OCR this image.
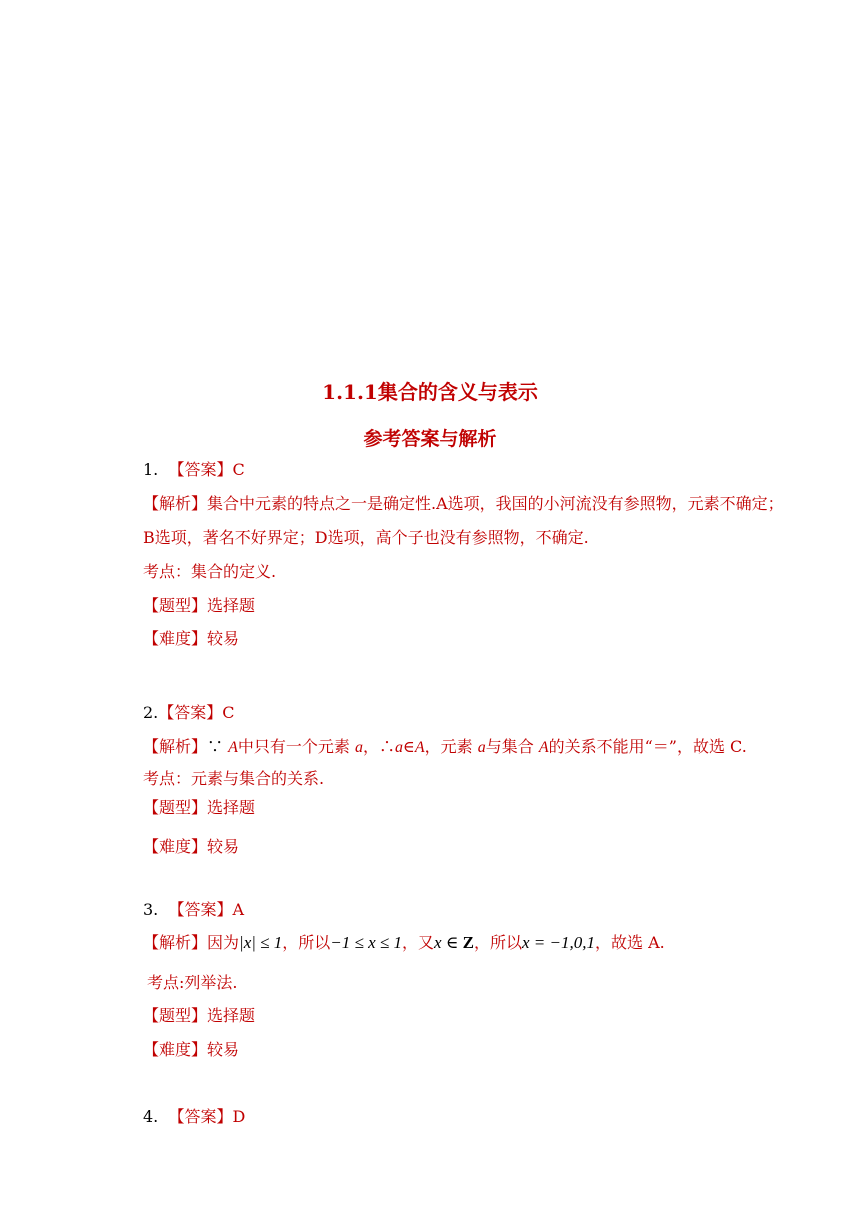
1.1.1集合的含义与表示
参考答案与解析
1.  【答案】C
【解析】集合中元素的特点之一是确定性.A选项，我国的小河流没有参照物，元素不确定；
B选项，著名不好界定；D选项，高个子也没有参照物，不确定.
考点：集合的定义.
【题型】选择题
【难度】较易
2.【答案】C
【解析】∵ A中只有一个元素 a，∴a∈A，元素 a与集合 A的关系不能用“＝”，故选 C.
考点：元素与集合的关系.
【题型】选择题
【难度】较易
3.  【答案】A
【解析】因为|x| ≤ 1，所以−1 ≤ x ≤ 1，又x ∈ Z，所以x = −1,0,1，故选 A.
考点:列举法.
【题型】选择题
【难度】较易
4.  【答案】D
